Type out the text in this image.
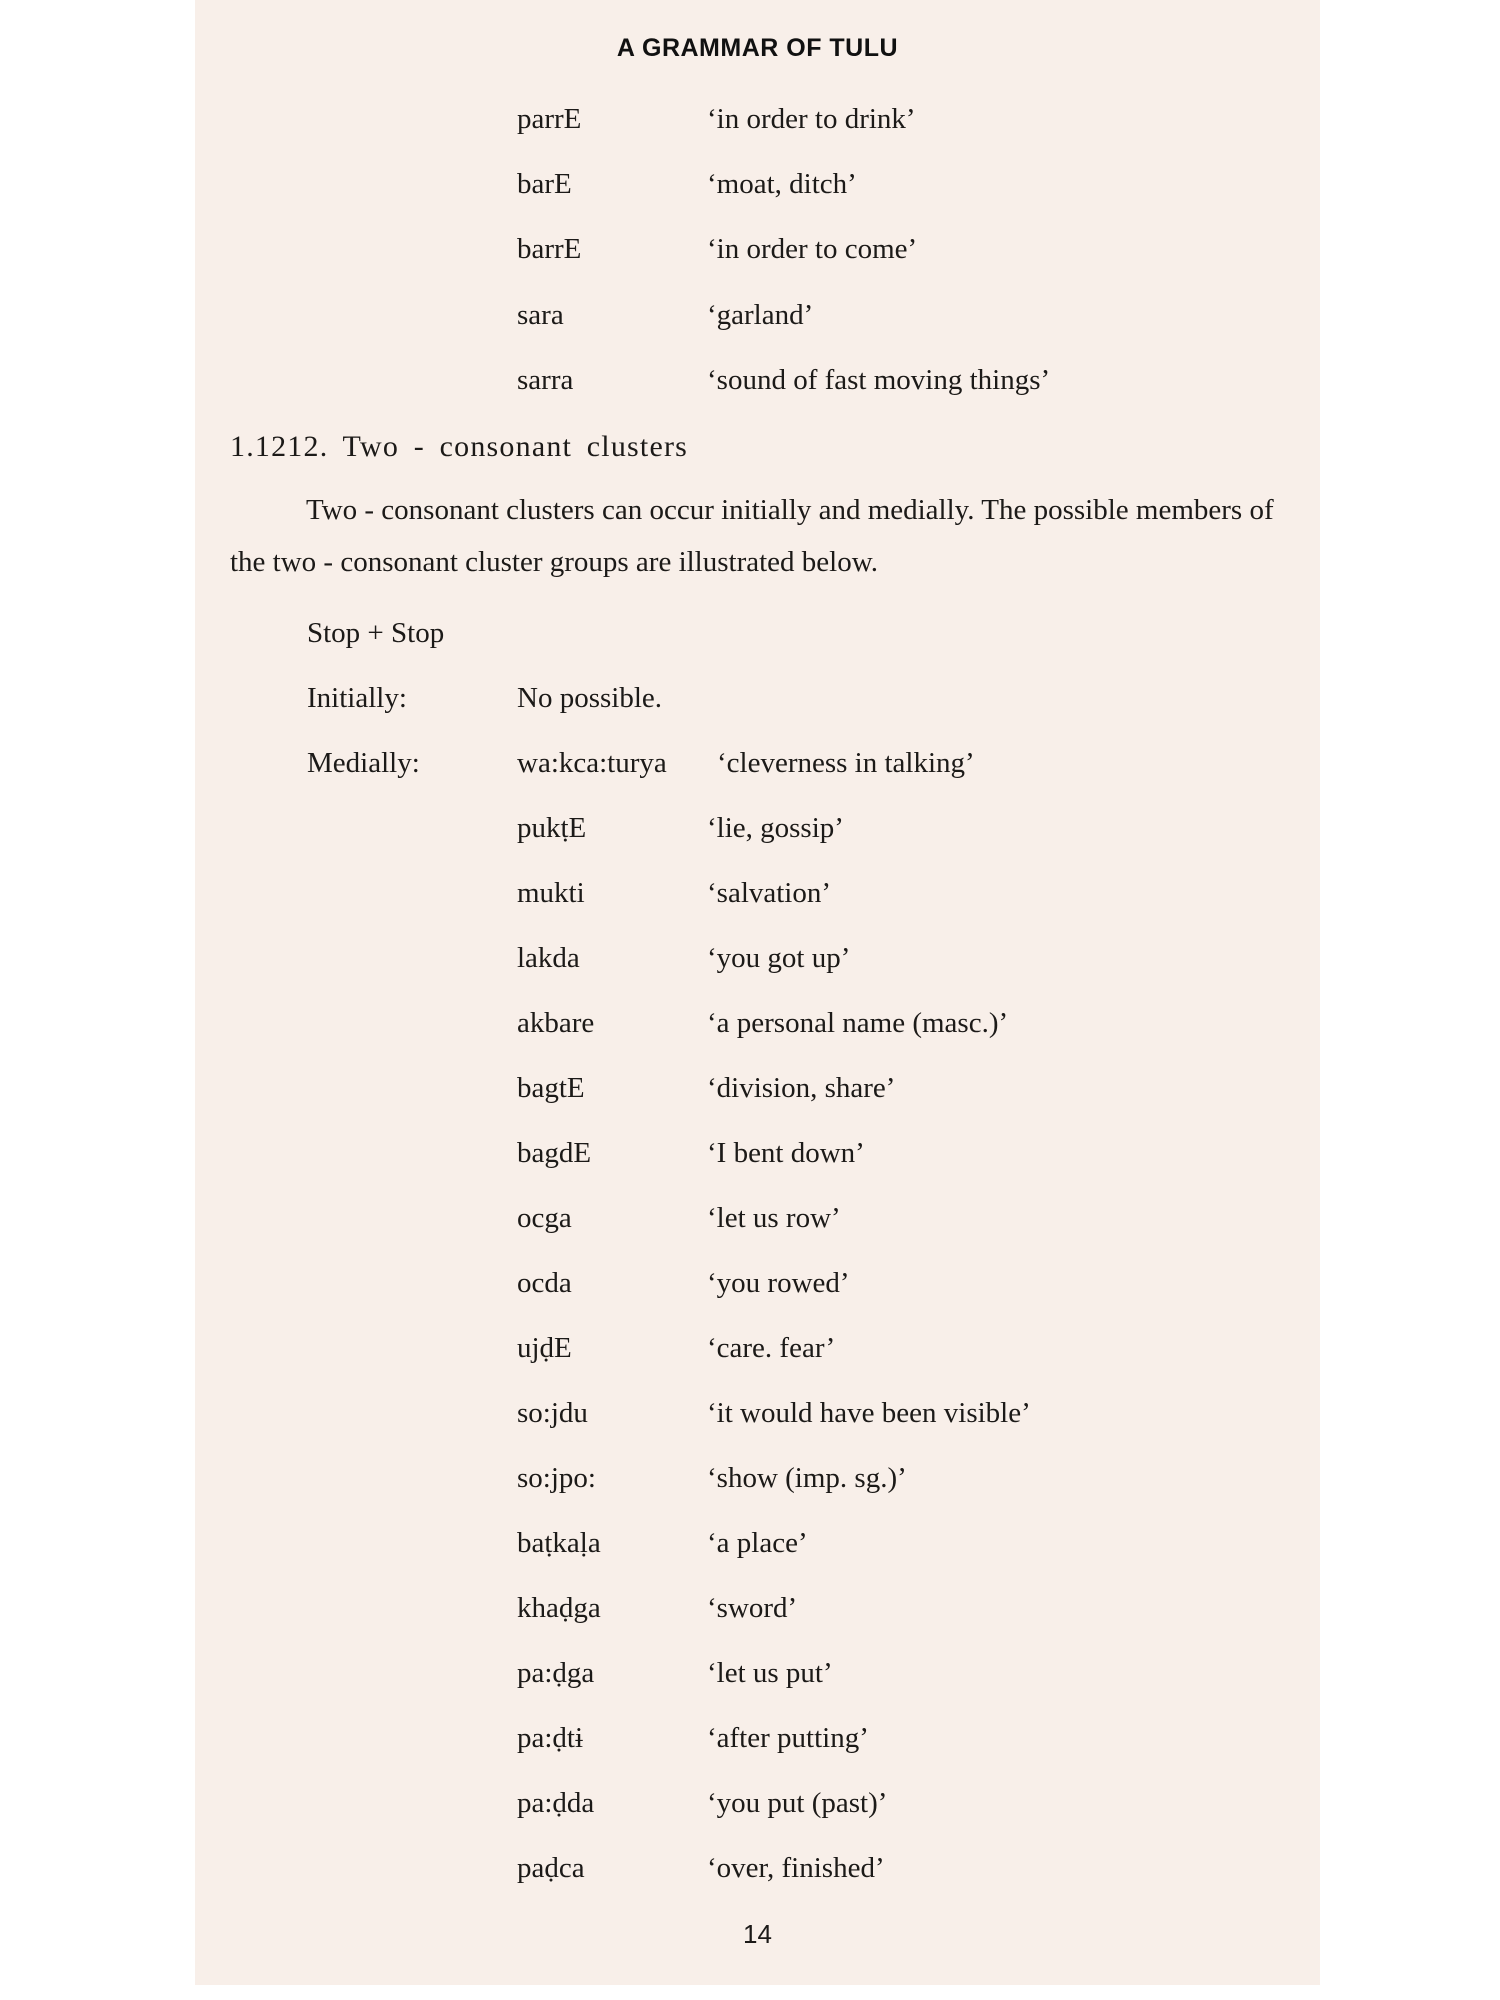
A GRAMMAR OF TULU
parrE	‘in order to drink’
barE	‘moat, ditch’
barrE	‘in order to come’
sara	‘garland’
sarra	‘sound of fast moving things’
1.1212. Two - consonant clusters

Two - consonant clusters can occur initially and medially. The possible members of the two - consonant cluster groups are illustrated below.

Stop + Stop
Initially:	No possible.
Medially:	wa:kca:turya ‘cleverness in talking’
pukṭE	‘lie, gossip’
mukti	‘salvation’
lakda	‘you got up’
akbare	‘a personal name (masc.)’
bagtE	‘division, share’
bagdE	‘I bent down’
ocga	‘let us row’
ocda	‘you rowed’
ujḍE	‘care. fear’
so:jdu	‘it would have been visible’
so:jpo:	‘show (imp. sg.)’
baṭkaḷa	‘a place’
khaḍga	‘sword’
pa:ḍga	‘let us put’
pa:ḍtɨ	‘after putting’
pa:ḍda	‘you put (past)’
paḍca	‘over, finished’
14
